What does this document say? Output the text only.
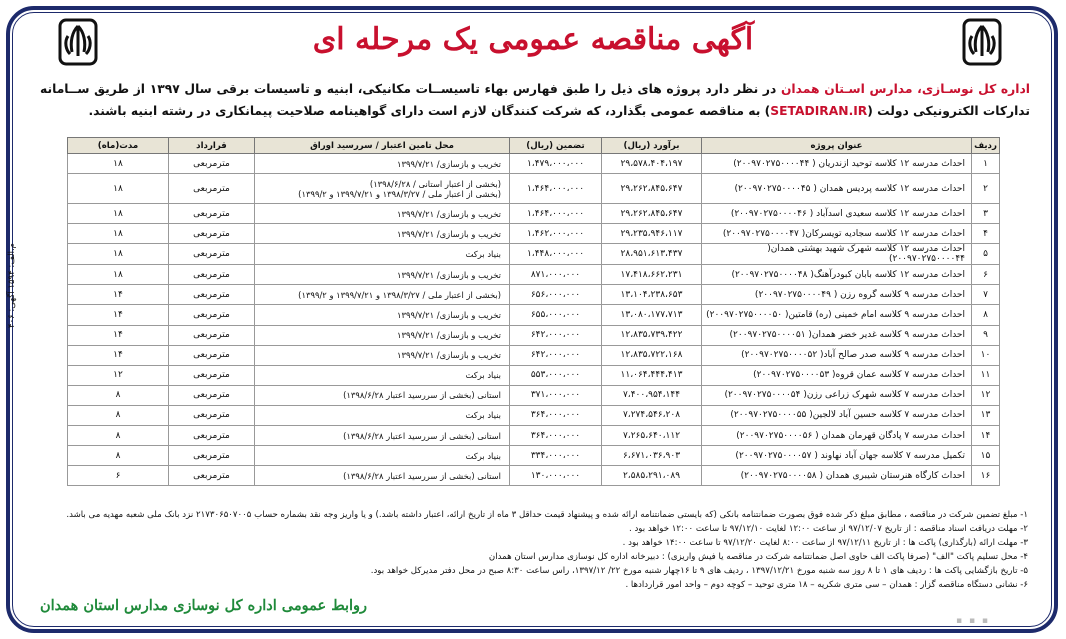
آگهی مناقصه عمومی یک مرحله ای
اداره کل نوسـازی، مدارس اسـتان همدان در نظر دارد پروژه های ذیل را طبق فهارس بهاء تاسیســات مکانیکی، ابنیه و تاسیسات برقی سال ۱۳۹۷ از طریق ســامانه تدارکات الکترونیکی دولت (SETADIRAN.IR) به مناقصه عمومی بگذارد، که شرکت کنندگان لازم است دارای گواهینامه صلاحیت پیمانکاری در رشته ابنیه باشند.
م.الف: ۱۵۹۴ آگهی: ۴۰۶
ردیف	عنوان پروژه	برآورد (ریال)	تضمین (ریال)	محل تامین اعتبار / سررسید اوراق	قرارداد	مدت(ماه)

۱	احداث مدرسه ۱۲ کلاسه توحید ازندریان ( ۲۰۰۹۷۰۲۷۵۰۰۰۰۴۴)	۲۹،۵۷۸،۴۰۴،۱۹۷	۱،۴۷۹،۰۰۰،۰۰۰	تخریب و بازسازی/ ۱۳۹۹/۷/۲۱	مترمربعی	۱۸

۲	احداث مدرسه ۱۲ کلاسه پردیس همدان ( ۲۰۰۹۷۰۲۷۵۰۰۰۰۴۵)	۲۹،۲۶۲،۸۴۵،۶۴۷	۱،۴۶۴،۰۰۰،۰۰۰	(بخشی از اعتبار استانی / ۱۳۹۸/۶/۲۸)
(بخشی از اعتبار ملی / ۱۳۹۸/۳/۲۷ و ۱۳۹۹/۷/۲۱ و ۱۳۹۹/۲)	مترمربعی	۱۸

۳	احداث مدرسه ۱۲ کلاسه سعیدی اسدآباد ( ۲۰۰۹۷۰۲۷۵۰۰۰۰۴۶)	۲۹،۲۶۲،۸۴۵،۶۴۷	۱،۴۶۴،۰۰۰،۰۰۰	تخریب و بازسازی/ ۱۳۹۹/۷/۲۱	مترمربعی	۱۸

۴	احداث مدرسه ۱۲ کلاسه سجادیه تویسرکان( ۲۰۰۹۷۰۲۷۵۰۰۰۰۴۷)	۲۹،۲۳۵،۹۴۶،۱۱۷	۱،۴۶۲،۰۰۰،۰۰۰	تخریب و بازسازی/ ۱۳۹۹/۷/۲۱	مترمربعی	۱۸

۵	احداث مدرسه ۱۲ کلاسه شهرک شهید بهشتی همدان( ۲۰۰۹۷۰۲۷۵۰۰۰۰۴۴)	۲۸،۹۵۱،۶۱۳،۴۳۷	۱،۴۴۸،۰۰۰،۰۰۰	بنیاد برکت	مترمربعی	۱۸

۶	احداث مدرسه ۱۲ کلاسه بابان کبودرآهنگ( ۲۰۰۹۷۰۲۷۵۰۰۰۰۴۸)	۱۷،۴۱۸،۶۶۲،۲۳۱	۸۷۱،۰۰۰،۰۰۰	تخریب و بازسازی/ ۱۳۹۹/۷/۲۱	مترمربعی	۱۸

۷	احداث مدرسه ۹ کلاسه گروه رزن ( ۲۰۰۹۷۰۲۷۵۰۰۰۰۴۹)	۱۳،۱۰۴،۲۳۸،۶۵۳	۶۵۶،۰۰۰،۰۰۰	(بخشی از اعتبار ملی / ۱۳۹۸/۳/۲۷ و ۱۳۹۹/۷/۲۱ و ۱۳۹۹/۲)	مترمربعی	۱۴

۸	احداث مدرسه ۹ کلاسه امام خمینی (ره) قامتین( ۲۰۰۹۷۰۲۷۵۰۰۰۰۵۰)	۱۳،۰۸۰،۱۷۷،۷۱۳	۶۵۵،۰۰۰،۰۰۰	تخریب و بازسازی/ ۱۳۹۹/۷/۲۱	مترمربعی	۱۴

۹	احداث مدرسه ۹ کلاسه غدیر خضر همدان( ۲۰۰۹۷۰۲۷۵۰۰۰۰۵۱)	۱۲،۸۳۵،۷۳۹،۴۲۲	۶۴۲،۰۰۰،۰۰۰	تخریب و بازسازی/ ۱۳۹۹/۷/۲۱	مترمربعی	۱۴

۱۰	احداث مدرسه ۹ کلاسه صدر صالح آباد( ۲۰۰۹۷۰۲۷۵۰۰۰۰۵۲)	۱۲،۸۳۵،۷۲۲،۱۶۸	۶۴۲،۰۰۰،۰۰۰	تخریب و بازسازی/ ۱۳۹۹/۷/۲۱	مترمربعی	۱۴

۱۱	احداث مدرسه ۷ کلاسه عمان قروه( ۲۰۰۹۷۰۲۷۵۰۰۰۰۵۳)	۱۱،۰۶۴،۴۴۴،۴۱۳	۵۵۳،۰۰۰،۰۰۰	بنیاد برکت	مترمربعی	۱۲

۱۲	احداث مدرسه ۷ کلاسه شهرک زراعی رزن( ۲۰۰۹۷۰۲۷۵۰۰۰۰۵۴)	۷،۴۰۰،۹۵۴،۱۴۴	۳۷۱،۰۰۰،۰۰۰	استانی (بخشی از سررسید اعتبار ۱۳۹۸/۶/۲۸)	مترمربعی	۸

۱۳	احداث مدرسه ۷ کلاسه حسین آباد لالجین( ۲۰۰۹۷۰۲۷۵۰۰۰۰۵۵)	۷،۲۷۴،۵۴۶،۲۰۸	۳۶۴،۰۰۰،۰۰۰	بنیاد برکت	مترمربعی	۸

۱۴	احداث مدرسه ۷ پادگان قهرمان همدان ( ۲۰۰۹۷۰۲۷۵۰۰۰۰۵۶)	۷،۲۶۵،۶۴۰،۱۱۲	۳۶۴،۰۰۰،۰۰۰	استانی (بخشی از سررسید اعتبار ۱۳۹۸/۶/۲۸)	مترمربعی	۸

۱۵	تکمیل مدرسه ۷ کلاسه جهان آباد نهاوند ( ۲۰۰۹۷۰۲۷۵۰۰۰۰۵۷)	۶،۶۷۱،۰۳۶،۹۰۳	۳۳۴،۰۰۰،۰۰۰	بنیاد برکت	مترمربعی	۸

۱۶	احداث کارگاه هنرستان شیبری همدان ( ۲۰۰۹۷۰۲۷۵۰۰۰۰۵۸)	۲،۵۸۵،۲۹۱،۰۸۹	۱۳۰،۰۰۰،۰۰۰	استانی (بخشی از سررسید اعتبار ۱۳۹۸/۶/۲۸)	مترمربعی	۶
۱- مبلغ تضمین شرکت در مناقصه ، مطابق مبلغ ذکر شده فوق بصورت ضمانتنامه بانکی (که بایستی ضمانتنامه ارائه شده و پیشنهاد قیمت حداقل ۳ ماه از تاریخ ارائه، اعتبار داشته باشد.) و یا واریز وجه نقد بشماره حساب ۲۱۷۳۰۶۵۰۷۰۰۵ نزد بانک ملی شعبه مهدیه می باشد.
۲- مهلت دریافت اسناد مناقصه : از تاریخ ۹۷/۱۲/۰۷ از ساعت ۱۲:۰۰ لغایت ۹۷/۱۲/۱۰ تا ساعت ۱۲:۰۰ خواهد بود .
۳- مهلت ارائه (بارگذاری) پاکت ها : از تاریخ ۹۷/۱۲/۱۱ از ساعت ۸:۰۰ لغایت ۹۷/۱۲/۲۰ تا ساعت ۱۴:۰۰ خواهد بود .
۴- محل تسلیم پاکت "الف" (صرفا پاکت الف حاوی اصل ضمانتنامه شرکت در مناقصه یا فیش واریزی) : دبیرخانه اداره کل نوسازی مدارس استان همدان
۵- تاریخ بازگشایی پاکت ها : ردیف های ۱ تا ۸ روز سه شنبه مورخ ۱۳۹۷/۱۲/۲۱ ، ردیف های ۹ تا ۱۶چهار شنبه مورخ ۲۲/ ۱۳۹۷/۱۲، راس ساعت ۸:۳۰ صبح در محل دفتر مدیرکل خواهد بود.
۶- نشانی دستگاه مناقصه گزار : همدان – سی متری شکریه – ۱۸ متری توحید – کوچه دوم – واحد امور قراردادها .
روابط عمومی اداره کل نوسازی مدارس استان همدان
▪ ▪ ▪
